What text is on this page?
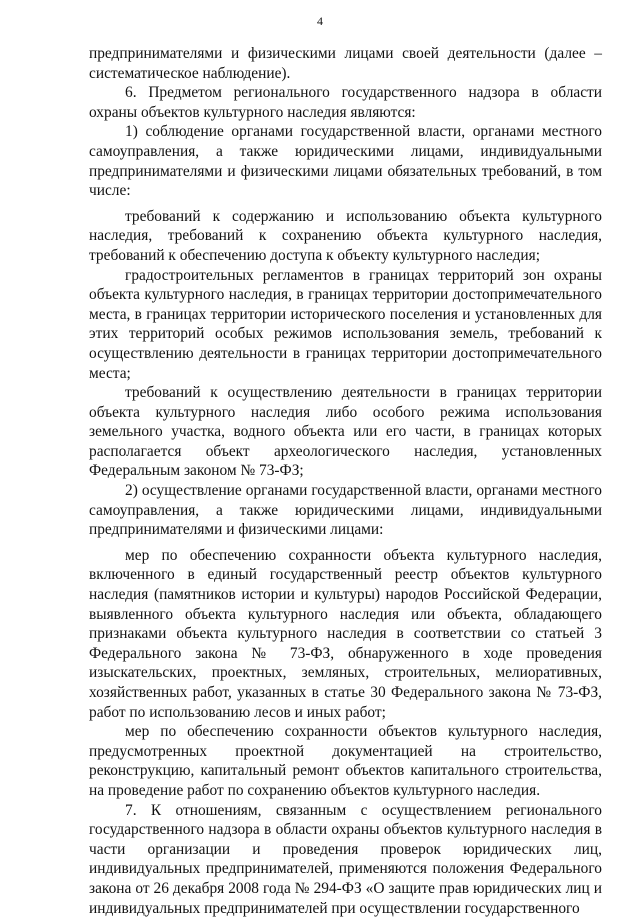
4

предпринимателями и физическими лицами своей деятельности (далее – систематическое наблюдение).

6. Предметом регионального государственного надзора в области охраны объектов культурного наследия являются:

1) соблюдение органами государственной власти, органами местного самоуправления, а также юридическими лицами, индивидуальными предпринимателями и физическими лицами обязательных требований, в том числе:

требований к содержанию и использованию объекта культурного наследия, требований к сохранению объекта культурного наследия, требований к обеспечению доступа к объекту культурного наследия;

градостроительных регламентов в границах территорий зон охраны объекта культурного наследия, в границах территории достопримечательного места, в границах территории исторического поселения и установленных для этих территорий особых режимов использования земель, требований к осуществлению деятельности в границах территории достопримечательного места;

требований к осуществлению деятельности в границах территории объекта культурного наследия либо особого режима использования земельного участка, водного объекта или его части, в границах которых располагается объект археологического наследия, установленных Федеральным законом № 73-ФЗ;

2) осуществление органами государственной власти, органами местного самоуправления, а также юридическими лицами, индивидуальными предпринимателями и физическими лицами:

мер по обеспечению сохранности объекта культурного наследия, включенного в единый государственный реестр объектов культурного наследия (памятников истории и культуры) народов Российской Федерации, выявленного объекта культурного наследия или объекта, обладающего признаками объекта культурного наследия в соответствии со статьей 3 Федерального закона № 73-ФЗ, обнаруженного в ходе проведения изыскательских, проектных, земляных, строительных, мелиоративных, хозяйственных работ, указанных в статье 30 Федерального закона № 73-ФЗ, работ по использованию лесов и иных работ;

мер по обеспечению сохранности объектов культурного наследия, предусмотренных проектной документацией на строительство, реконструкцию, капитальный ремонт объектов капитального строительства, на проведение работ по сохранению объектов культурного наследия.

7. К отношениям, связанным с осуществлением регионального государственного надзора в области охраны объектов культурного наследия в части организации и проведения проверок юридических лиц, индивидуальных предпринимателей, применяются положения Федерального закона от 26 декабря 2008 года № 294-ФЗ «О защите прав юридических лиц и индивидуальных предпринимателей при осуществлении государственного
